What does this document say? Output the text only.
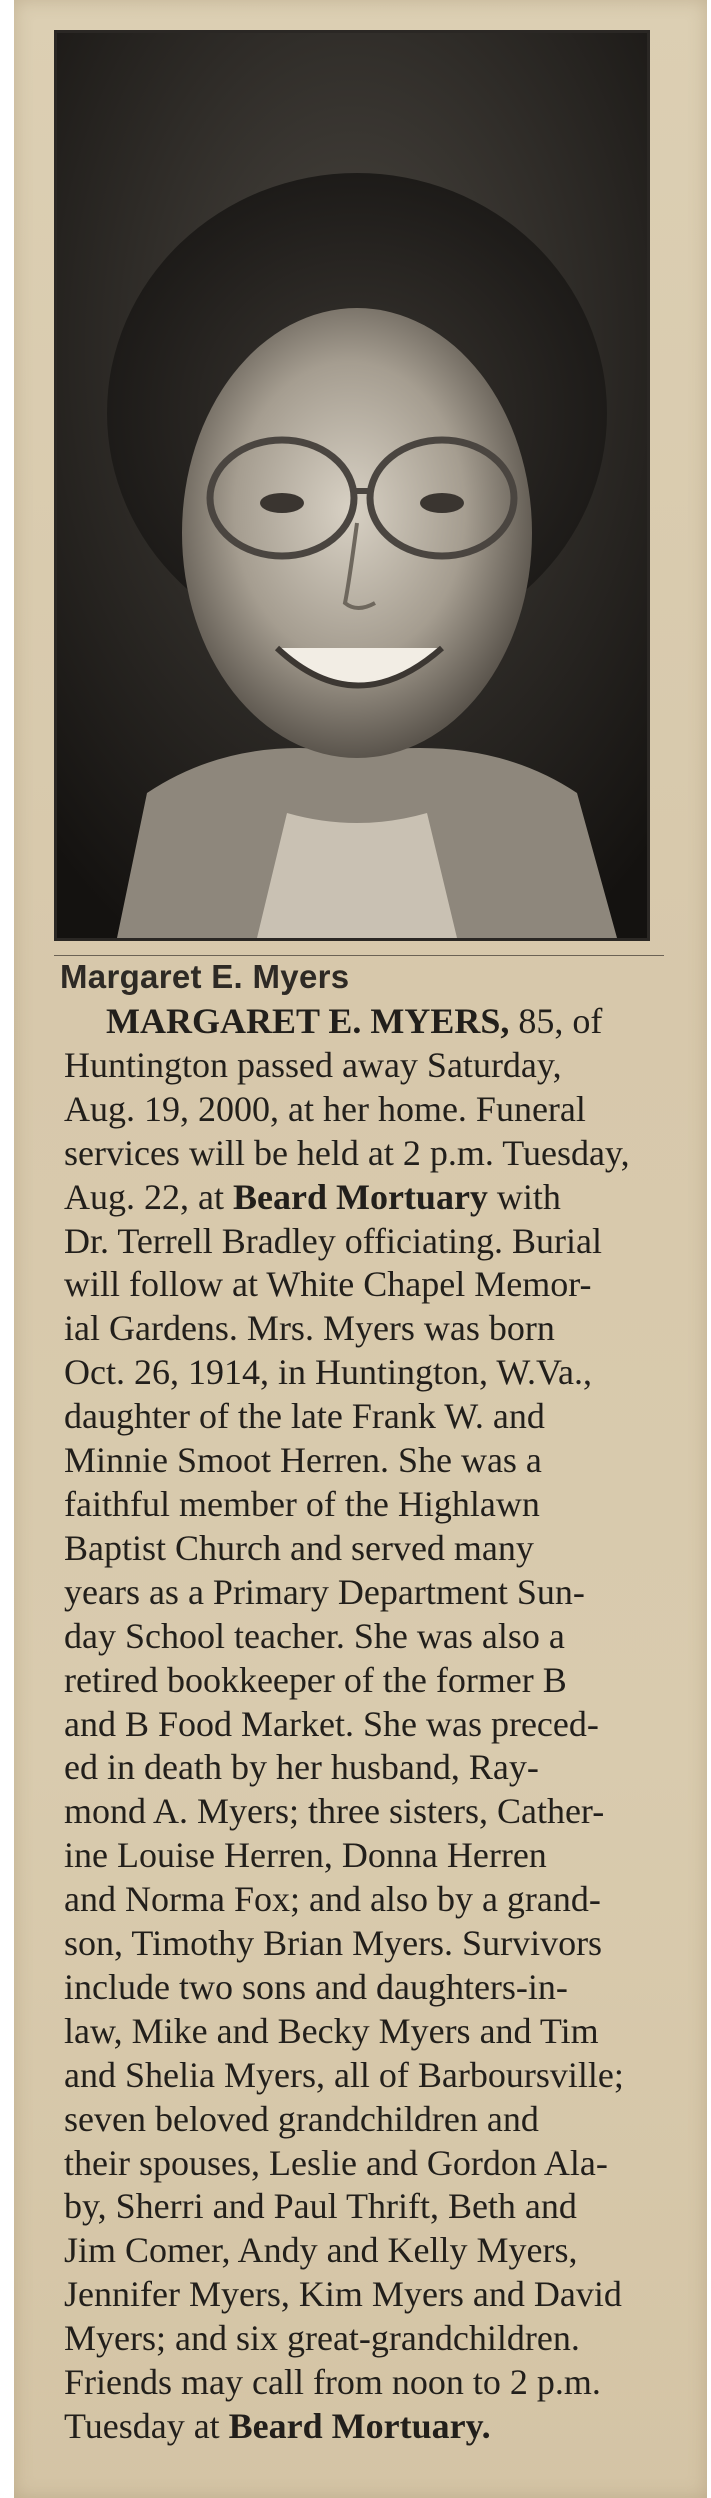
Margaret E. Myers
MARGARET E. MYERS, 85, of
Huntington passed away Saturday,
Aug. 19, 2000, at her home. Funeral
services will be held at 2 p.m. Tuesday,
Aug. 22, at Beard Mortuary with
Dr. Terrell Bradley officiating. Burial
will follow at White Chapel Memor-
ial Gardens. Mrs. Myers was born
Oct. 26, 1914, in Huntington, W.Va.,
daughter of the late Frank W. and
Minnie Smoot Herren. She was a
faithful member of the Highlawn
Baptist Church and served many
years as a Primary Department Sun-
day School teacher. She was also a
retired bookkeeper of the former B
and B Food Market. She was preced-
ed in death by her husband, Ray-
mond A. Myers; three sisters, Cather-
ine Louise Herren, Donna Herren
and Norma Fox; and also by a grand-
son, Timothy Brian Myers. Survivors
include two sons and daughters-in-
law, Mike and Becky Myers and Tim
and Shelia Myers, all of Barboursville;
seven beloved grandchildren and
their spouses, Leslie and Gordon Ala-
by, Sherri and Paul Thrift, Beth and
Jim Comer, Andy and Kelly Myers,
Jennifer Myers, Kim Myers and David
Myers; and six great-grandchildren.
Friends may call from noon to 2 p.m.
Tuesday at Beard Mortuary.
